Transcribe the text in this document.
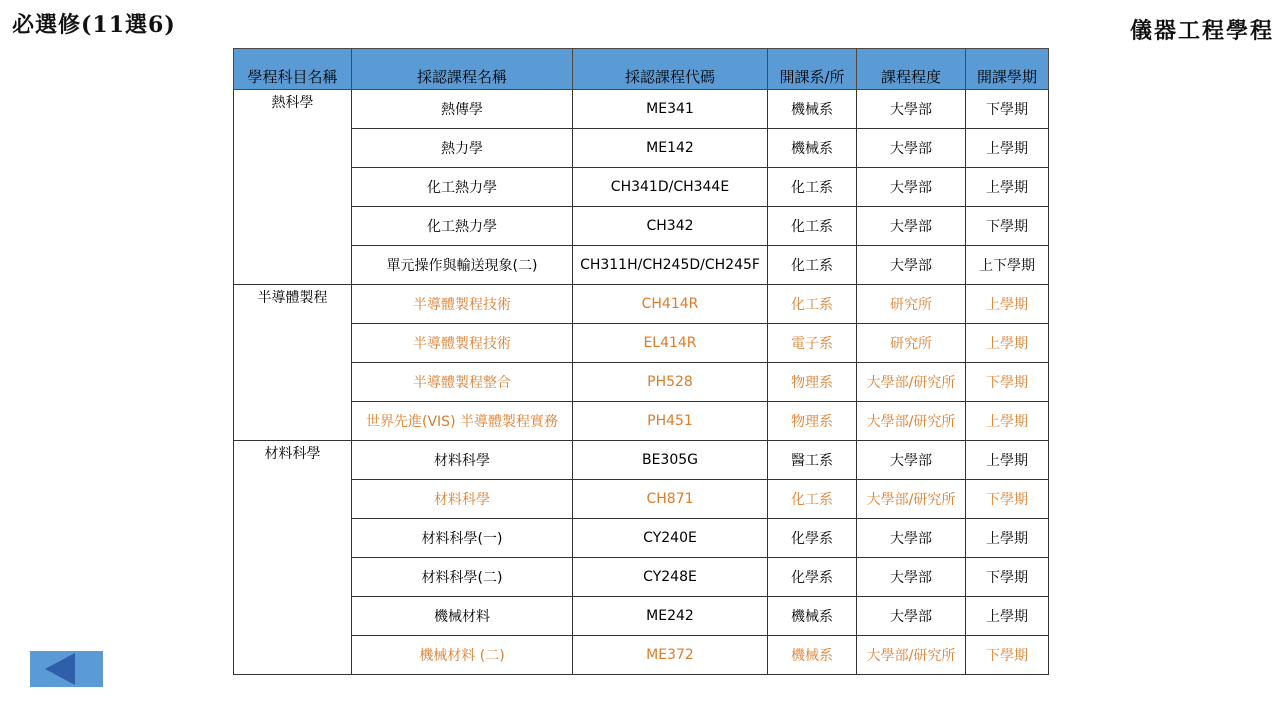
必選修(11選6)	儀器工程學程
學程科目名稱	採認課程名稱	採認課程代碼	開課系/所	課程程度	開課學期
熱科學	熱傳學	ME341	機械系	大學部	下學期
	熱力學	ME142	機械系	大學部	上學期
	化工熱力學	CH341D/CH344E	化工系	大學部	上學期
	化工熱力學	CH342	化工系	大學部	下學期
	單元操作與輸送現象(二)	CH311H/CH245D/CH245F	化工系	大學部	上下學期
半導體製程	半導體製程技術	CH414R	化工系	研究所	上學期
	半導體製程技術	EL414R	電子系	研究所	上學期
	半導體製程整合	PH528	物理系	大學部/研究所	下學期
	世界先進(VIS) 半導體製程實務	PH451	物理系	大學部/研究所	上學期
材料科學	材料科學	BE305G	醫工系	大學部	上學期
	材料科學	CH871	化工系	大學部/研究所	下學期
	材料科學(一)	CY240E	化學系	大學部	上學期
	材料科學(二)	CY248E	化學系	大學部	下學期
	機械材料	ME242	機械系	大學部	上學期
	機械材料 (二)	ME372	機械系	大學部/研究所	下學期
